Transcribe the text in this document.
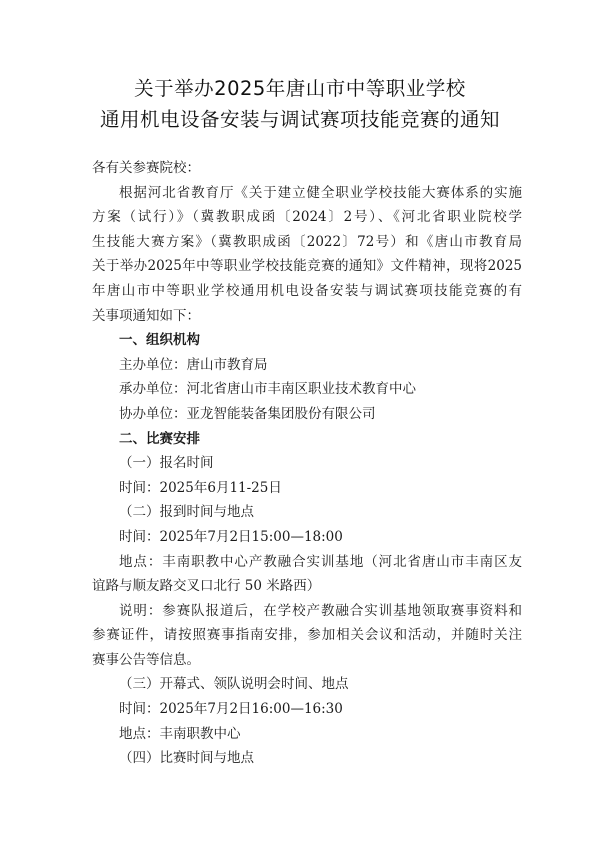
关于举办2025年唐山市中等职业学校
通用机电设备安装与调试赛项技能竞赛的通知

各有关参赛院校：

根据河北省教育厅《关于建立健全职业学校技能大赛体系的实施
方案（试行）》（冀教职成函〔2024〕2号）、《河北省职业院校学
生技能大赛方案》（冀教职成函〔2022〕72号）和《唐山市教育局
关于举办2025年中等职业学校技能竞赛的通知》文件精神，现将2025
年唐山市中等职业学校通用机电设备安装与调试赛项技能竞赛的有
关事项通知如下：

一、组织机构

主办单位：唐山市教育局

承办单位：河北省唐山市丰南区职业技术教育中心

协办单位：亚龙智能装备集团股份有限公司

二、比赛安排

（一）报名时间

时间：2025年6月11-25日

（二）报到时间与地点

时间：2025年7月2日15:00—18:00

地点：丰南职教中心产教融合实训基地（河北省唐山市丰南区友
谊路与顺友路交叉口北行 50 米路西）
说明：参赛队报道后，在学校产教融合实训基地领取赛事资料和
参赛证件，请按照赛事指南安排，参加相关会议和活动，并随时关注
赛事公告等信息。

（三）开幕式、领队说明会时间、地点

时间：2025年7月2日16:00—16:30

地点：丰南职教中心

（四）比赛时间与地点
